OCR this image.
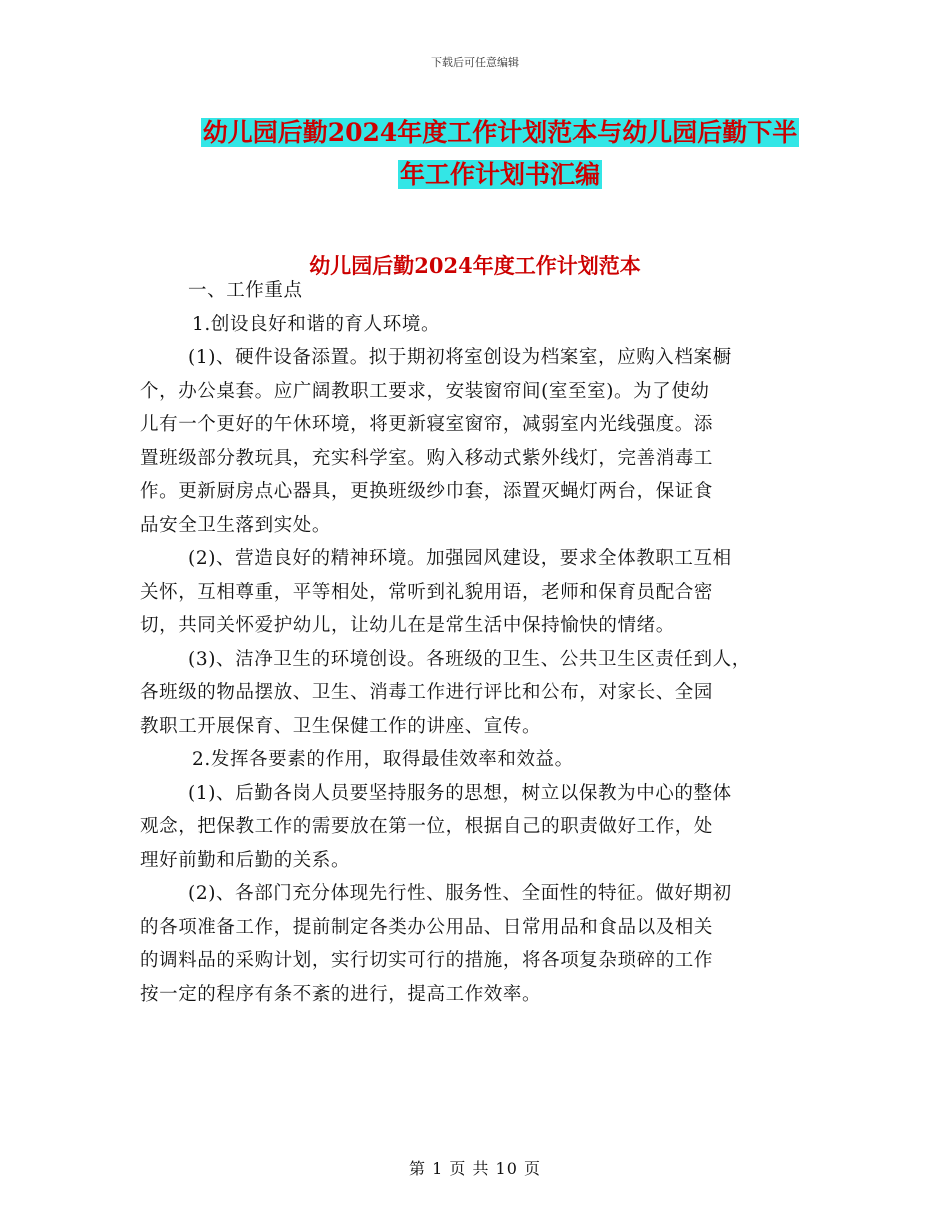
下载后可任意编辑
幼儿园后勤2024年度工作计划范本与幼儿园后勤下半
年工作计划书汇编
幼儿园后勤2024年度工作计划范本

一、工作重点

1.创设良好和谐的育人环境。

(1)、硬件设备添置。拟于期初将室创设为档案室，应购入档案橱

个，办公桌套。应广阔教职工要求，安装窗帘间(室至室)。为了使幼

儿有一个更好的午休环境，将更新寝室窗帘，减弱室内光线强度。添

置班级部分教玩具，充实科学室。购入移动式紫外线灯，完善消毒工

作。更新厨房点心器具，更换班级纱巾套，添置灭蝇灯两台，保证食

品安全卫生落到实处。

(2)、营造良好的精神环境。加强园风建设，要求全体教职工互相

关怀，互相尊重，平等相处，常听到礼貌用语，老师和保育员配合密

切，共同关怀爱护幼儿，让幼儿在是常生活中保持愉快的情绪。

(3)、洁净卫生的环境创设。各班级的卫生、公共卫生区责任到人，

各班级的物品摆放、卫生、消毒工作进行评比和公布，对家长、全园

教职工开展保育、卫生保健工作的讲座、宣传。

2.发挥各要素的作用，取得最佳效率和效益。

(1)、后勤各岗人员要坚持服务的思想，树立以保教为中心的整体

观念，把保教工作的需要放在第一位，根据自己的职责做好工作，处

理好前勤和后勤的关系。

(2)、各部门充分体现先行性、服务性、全面性的特征。做好期初

的各项准备工作，提前制定各类办公用品、日常用品和食品以及相关

的调料品的采购计划，实行切实可行的措施，将各项复杂琐碎的工作

按一定的程序有条不紊的进行，提高工作效率。

第 1 页 共 10 页
